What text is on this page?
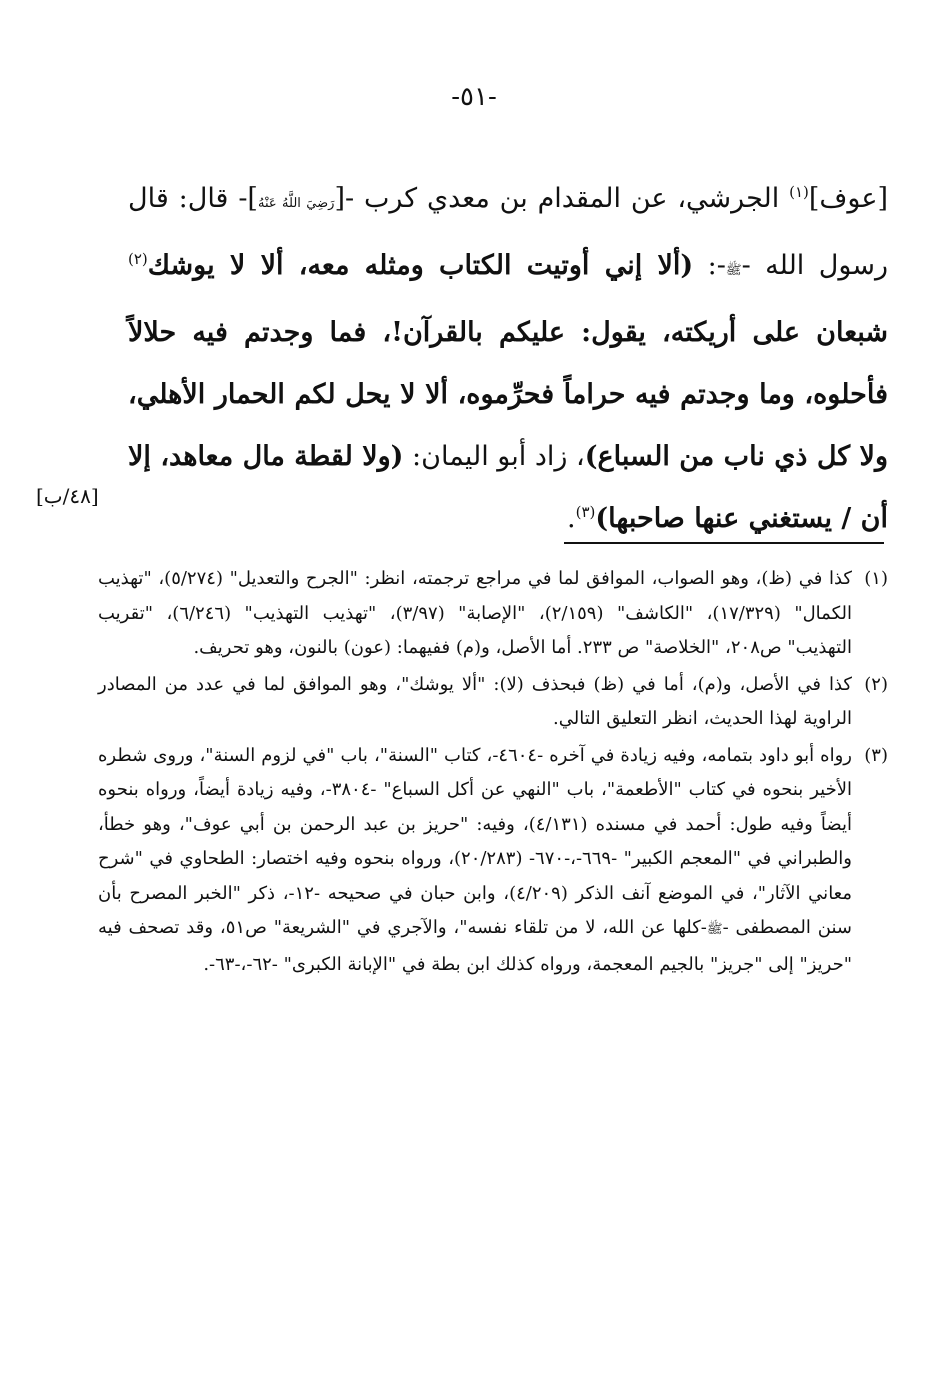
-٥١-
[عوف]$^{(١)}$ الجرشي، عن المقدام بن معدي كرب -[رَضِيَ اللَّهُ عَنْهُ]- قال: قال رسول الله -ﷺ-: (ألا إني أوتيت الكتاب ومثله معه، ألا لا يوشك$^{(٢)}$ شبعان على أريكته، يقول: عليكم بالقرآن!، فما وجدتم فيه حلالاً فأحلوه، وما وجدتم فيه حراماً فحرِّموه، ألا لا يحل لكم الحمار الأهلي، ولا كل ذي ناب من السباع)، زاد أبو اليمان: (ولا لقطة مال معاهد، إلا أن / يستغني عنها صاحبها)$^{(٣)}$.
[٤٨/ب]
(١)
كذا في (ظ)، وهو الصواب، الموافق لما في مراجع ترجمته، انظر: "الجرح والتعديل" (٥/٢٧٤)، "تهذيب الكمال" (١٧/٣٢٩)، "الكاشف" (٢/١٥٩)، "الإصابة" (٣/٩٧)، "تهذيب التهذيب" (٦/٢٤٦)، "تقريب التهذيب" ص٢٠٨، "الخلاصة" ص ٢٣٣. أما الأصل، و(م) ففيهما: (عون) بالنون، وهو تحريف.
(٢)
كذا في الأصل، و(م)، أما في (ظ) فبحذف (لا): "ألا يوشك"، وهو الموافق لما في عدد من المصادر الراوية لهذا الحديث، انظر التعليق التالي.
(٣)
رواه أبو داود بتمامه، وفيه زيادة في آخره -٤٦٠٤-، كتاب "السنة"، باب "في لزوم السنة"، وروى شطره الأخير بنحوه في كتاب "الأطعمة"، باب "النهي عن أكل السباع" -٣٨٠٤-، وفيه زيادة أيضاً، ورواه بنحوه أيضاً وفيه طول: أحمد في مسنده (٤/١٣١)، وفيه: "حريز بن عبد الرحمن بن أبي عوف"، وهو خطأ، والطبراني في "المعجم الكبير" -٦٦٩-،-٦٧٠- (٢٠/٢٨٣)، ورواه بنحوه وفيه اختصار: الطحاوي في "شرح معاني الآثار"، في الموضع آنف الذكر (٤/٢٠٩)، وابن حبان في صحيحه -١٢-، ذكر "الخبر المصرح بأن سنن المصطفى -ﷺ-كلها عن الله، لا من تلقاء نفسه"، والآجري في "الشريعة" ص٥١، وقد تصحف فيه "حريز" إلى "جريز" بالجيم المعجمة، ورواه كذلك ابن بطة في "الإبانة الكبرى" -٦٢-،-٦٣-.
